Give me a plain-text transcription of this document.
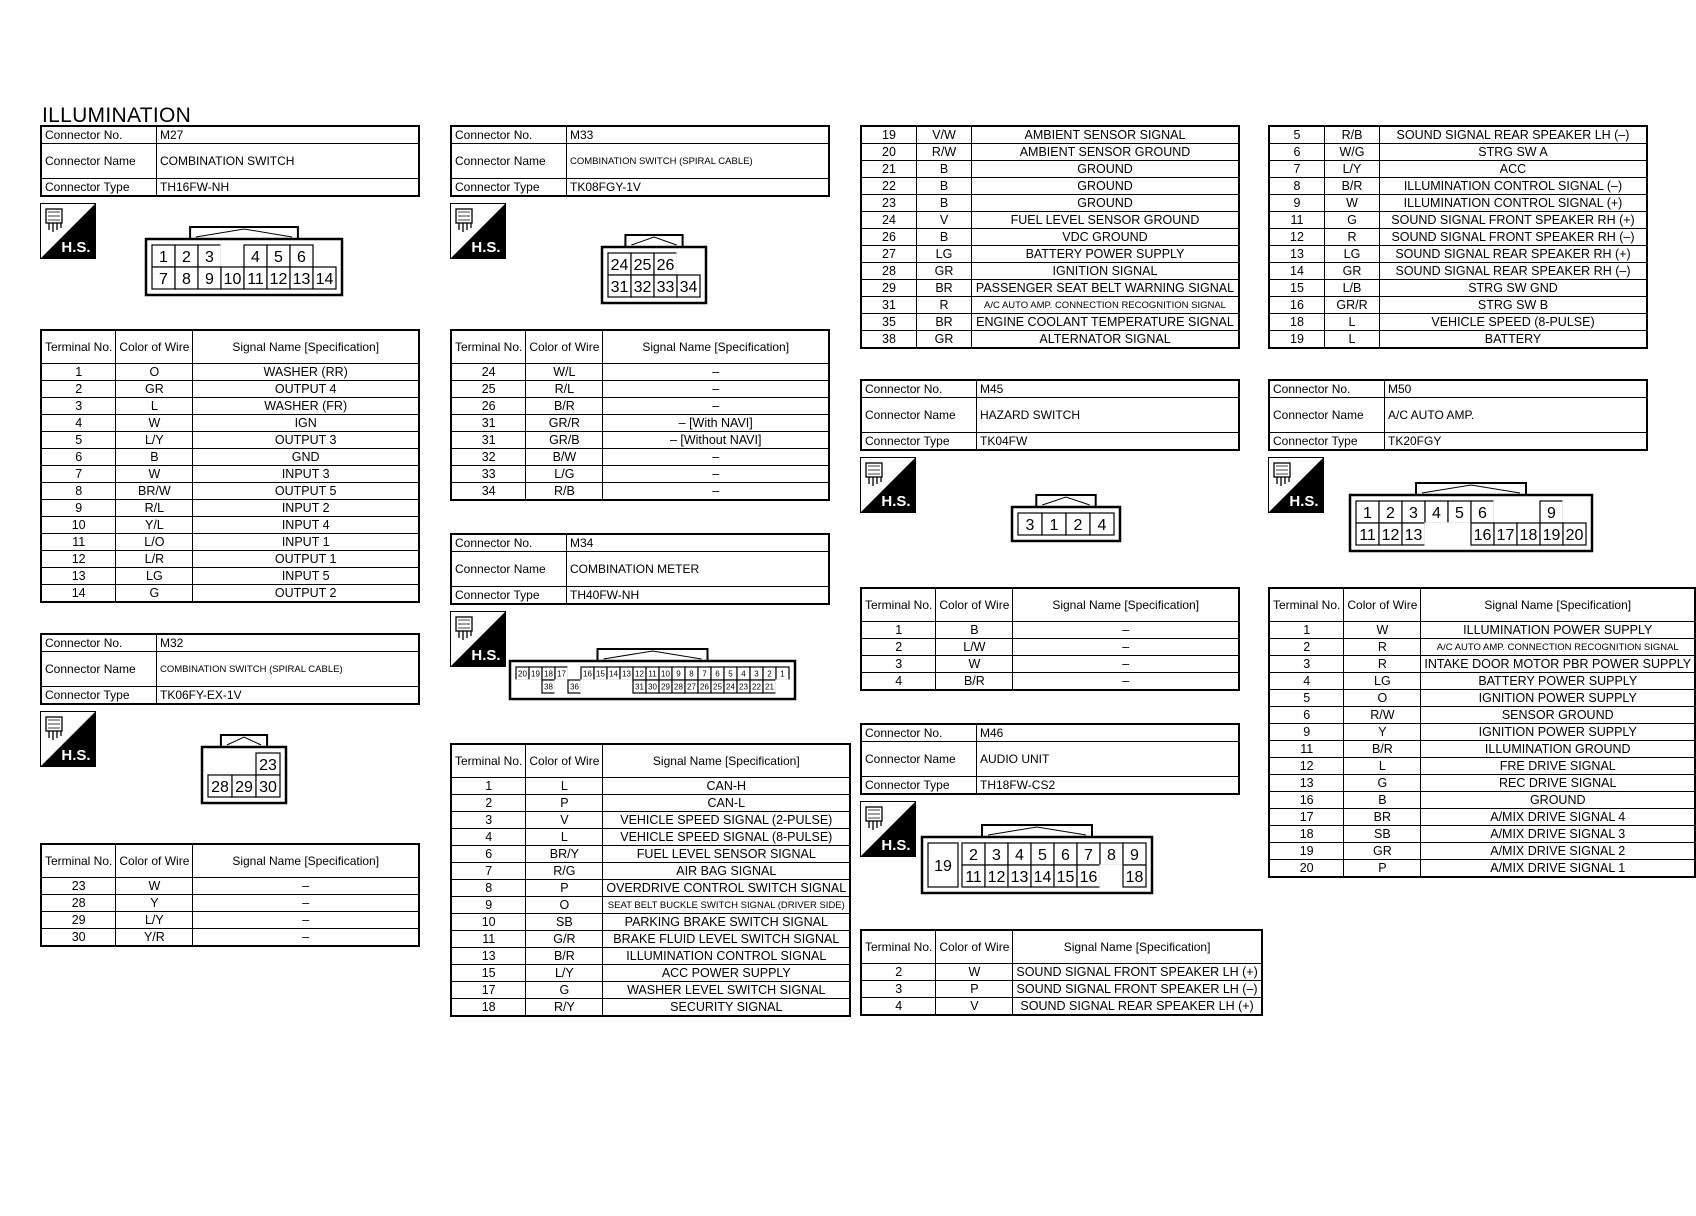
ILLUMINATION
Connector No.	M27
Connector Name	COMBINATION SWITCH
Connector Type	TH16FW-NH
H.S.
1 2 3 4 5 6
7 8 9 10 11 12 13 14
Terminal No.	Color of Wire	Signal Name [Specification]
1	O	WASHER (RR)
2	GR	OUTPUT 4
3	L	WASHER (FR)
4	W	IGN
5	L/Y	OUTPUT 3
6	B	GND
7	W	INPUT 3
8	BR/W	OUTPUT 5
9	R/L	INPUT 2
10	Y/L	INPUT 4
11	L/O	INPUT 1
12	L/R	OUTPUT 1
13	LG	INPUT 5
14	G	OUTPUT 2
Connector No.	M32
Connector Name	COMBINATION SWITCH (SPIRAL CABLE)
Connector Type	TK06FY-EX-1V
H.S.
23
28 29 30
Terminal No.	Color of Wire	Signal Name [Specification]
23	W	–
28	Y	–
29	L/Y	–
30	Y/R	–
Connector No.	M33
Connector Name	COMBINATION SWITCH (SPIRAL CABLE)
Connector Type	TK08FGY-1V
H.S.
24 25 26
31 32 33 34
Terminal No.	Color of Wire	Signal Name [Specification]
24	W/L	–
25	R/L	–
26	B/R	–
31	GR/R	– [With NAVI]
31	GR/B	– [Without NAVI]
32	B/W	–
33	L/G	–
34	R/B	–
Connector No.	M34
Connector Name	COMBINATION METER
Connector Type	TH40FW-NH
H.S.
20 19 18 17 16 15 14 13 12 11 10 9 8 7 6 5 4 3 2 1
38 36	31 30 29 28 27 26 25 24 23 22 21
Terminal No.	Color of Wire	Signal Name [Specification]
1	L	CAN-H
2	P	CAN-L
3	V	VEHICLE SPEED SIGNAL (2-PULSE)
4	L	VEHICLE SPEED SIGNAL (8-PULSE)
6	BR/Y	FUEL LEVEL SENSOR SIGNAL
7	R/G	AIR BAG SIGNAL
8	P	OVERDRIVE CONTROL SWITCH SIGNAL
9	O	SEAT BELT BUCKLE SWITCH SIGNAL (DRIVER SIDE)
10	SB	PARKING BRAKE SWITCH SIGNAL
11	G/R	BRAKE FLUID LEVEL SWITCH SIGNAL
13	B/R	ILLUMINATION CONTROL SIGNAL
15	L/Y	ACC POWER SUPPLY
17	G	WASHER LEVEL SWITCH SIGNAL
18	R/Y	SECURITY SIGNAL
19	V/W	AMBIENT SENSOR SIGNAL
20	R/W	AMBIENT SENSOR GROUND
21	B	GROUND
22	B	GROUND
23	B	GROUND
24	V	FUEL LEVEL SENSOR GROUND
26	B	VDC GROUND
27	LG	BATTERY POWER SUPPLY
28	GR	IGNITION SIGNAL
29	BR	PASSENGER SEAT BELT WARNING SIGNAL
31	R	A/C AUTO AMP. CONNECTION RECOGNITION SIGNAL
35	BR	ENGINE COOLANT TEMPERATURE SIGNAL
38	GR	ALTERNATOR SIGNAL
Connector No.	M45
Connector Name	HAZARD SWITCH
Connector Type	TK04FW
H.S.
3 1 2 4
Terminal No.	Color of Wire	Signal Name [Specification]
1	B	–
2	L/W	–
3	W	–
4	B/R	–
Connector No.	M46
Connector Name	AUDIO UNIT
Connector Type	TH18FW-CS2
H.S.
2 3 4 5 6 7 8 9
11 12 13 14 15 16 18
19
Terminal No.	Color of Wire	Signal Name [Specification]
2	W	SOUND SIGNAL FRONT SPEAKER LH (+)
3	P	SOUND SIGNAL FRONT SPEAKER LH (–)
4	V	SOUND SIGNAL REAR SPEAKER LH (+)
5	R/B	SOUND SIGNAL REAR SPEAKER LH (–)
6	W/G	STRG SW A
7	L/Y	ACC
8	B/R	ILLUMINATION CONTROL SIGNAL (–)
9	W	ILLUMINATION CONTROL SIGNAL (+)
11	G	SOUND SIGNAL FRONT SPEAKER RH (+)
12	R	SOUND SIGNAL FRONT SPEAKER RH (–)
13	LG	SOUND SIGNAL REAR SPEAKER RH (+)
14	GR	SOUND SIGNAL REAR SPEAKER RH (–)
15	L/B	STRG SW GND
16	GR/R	STRG SW B
18	L	VEHICLE SPEED (8-PULSE)
19	L	BATTERY
Connector No.	M50
Connector Name	A/C AUTO AMP.
Connector Type	TK20FGY
H.S.
1 2 3 4 5 6	9
11 12 13	16 17 18 19 20
Terminal No.	Color of Wire	Signal Name [Specification]
1	W	ILLUMINATION POWER SUPPLY
2	R	A/C AUTO AMP. CONNECTION RECOGNITION SIGNAL
3	R	INTAKE DOOR MOTOR PBR POWER SUPPLY
4	LG	BATTERY POWER SUPPLY
5	O	IGNITION POWER SUPPLY
6	R/W	SENSOR GROUND
9	Y	IGNITION POWER SUPPLY
11	B/R	ILLUMINATION GROUND
12	L	FRE DRIVE SIGNAL
13	G	REC DRIVE SIGNAL
16	B	GROUND
17	BR	A/MIX DRIVE SIGNAL 4
18	SB	A/MIX DRIVE SIGNAL 3
19	GR	A/MIX DRIVE SIGNAL 2
20	P	A/MIX DRIVE SIGNAL 1
